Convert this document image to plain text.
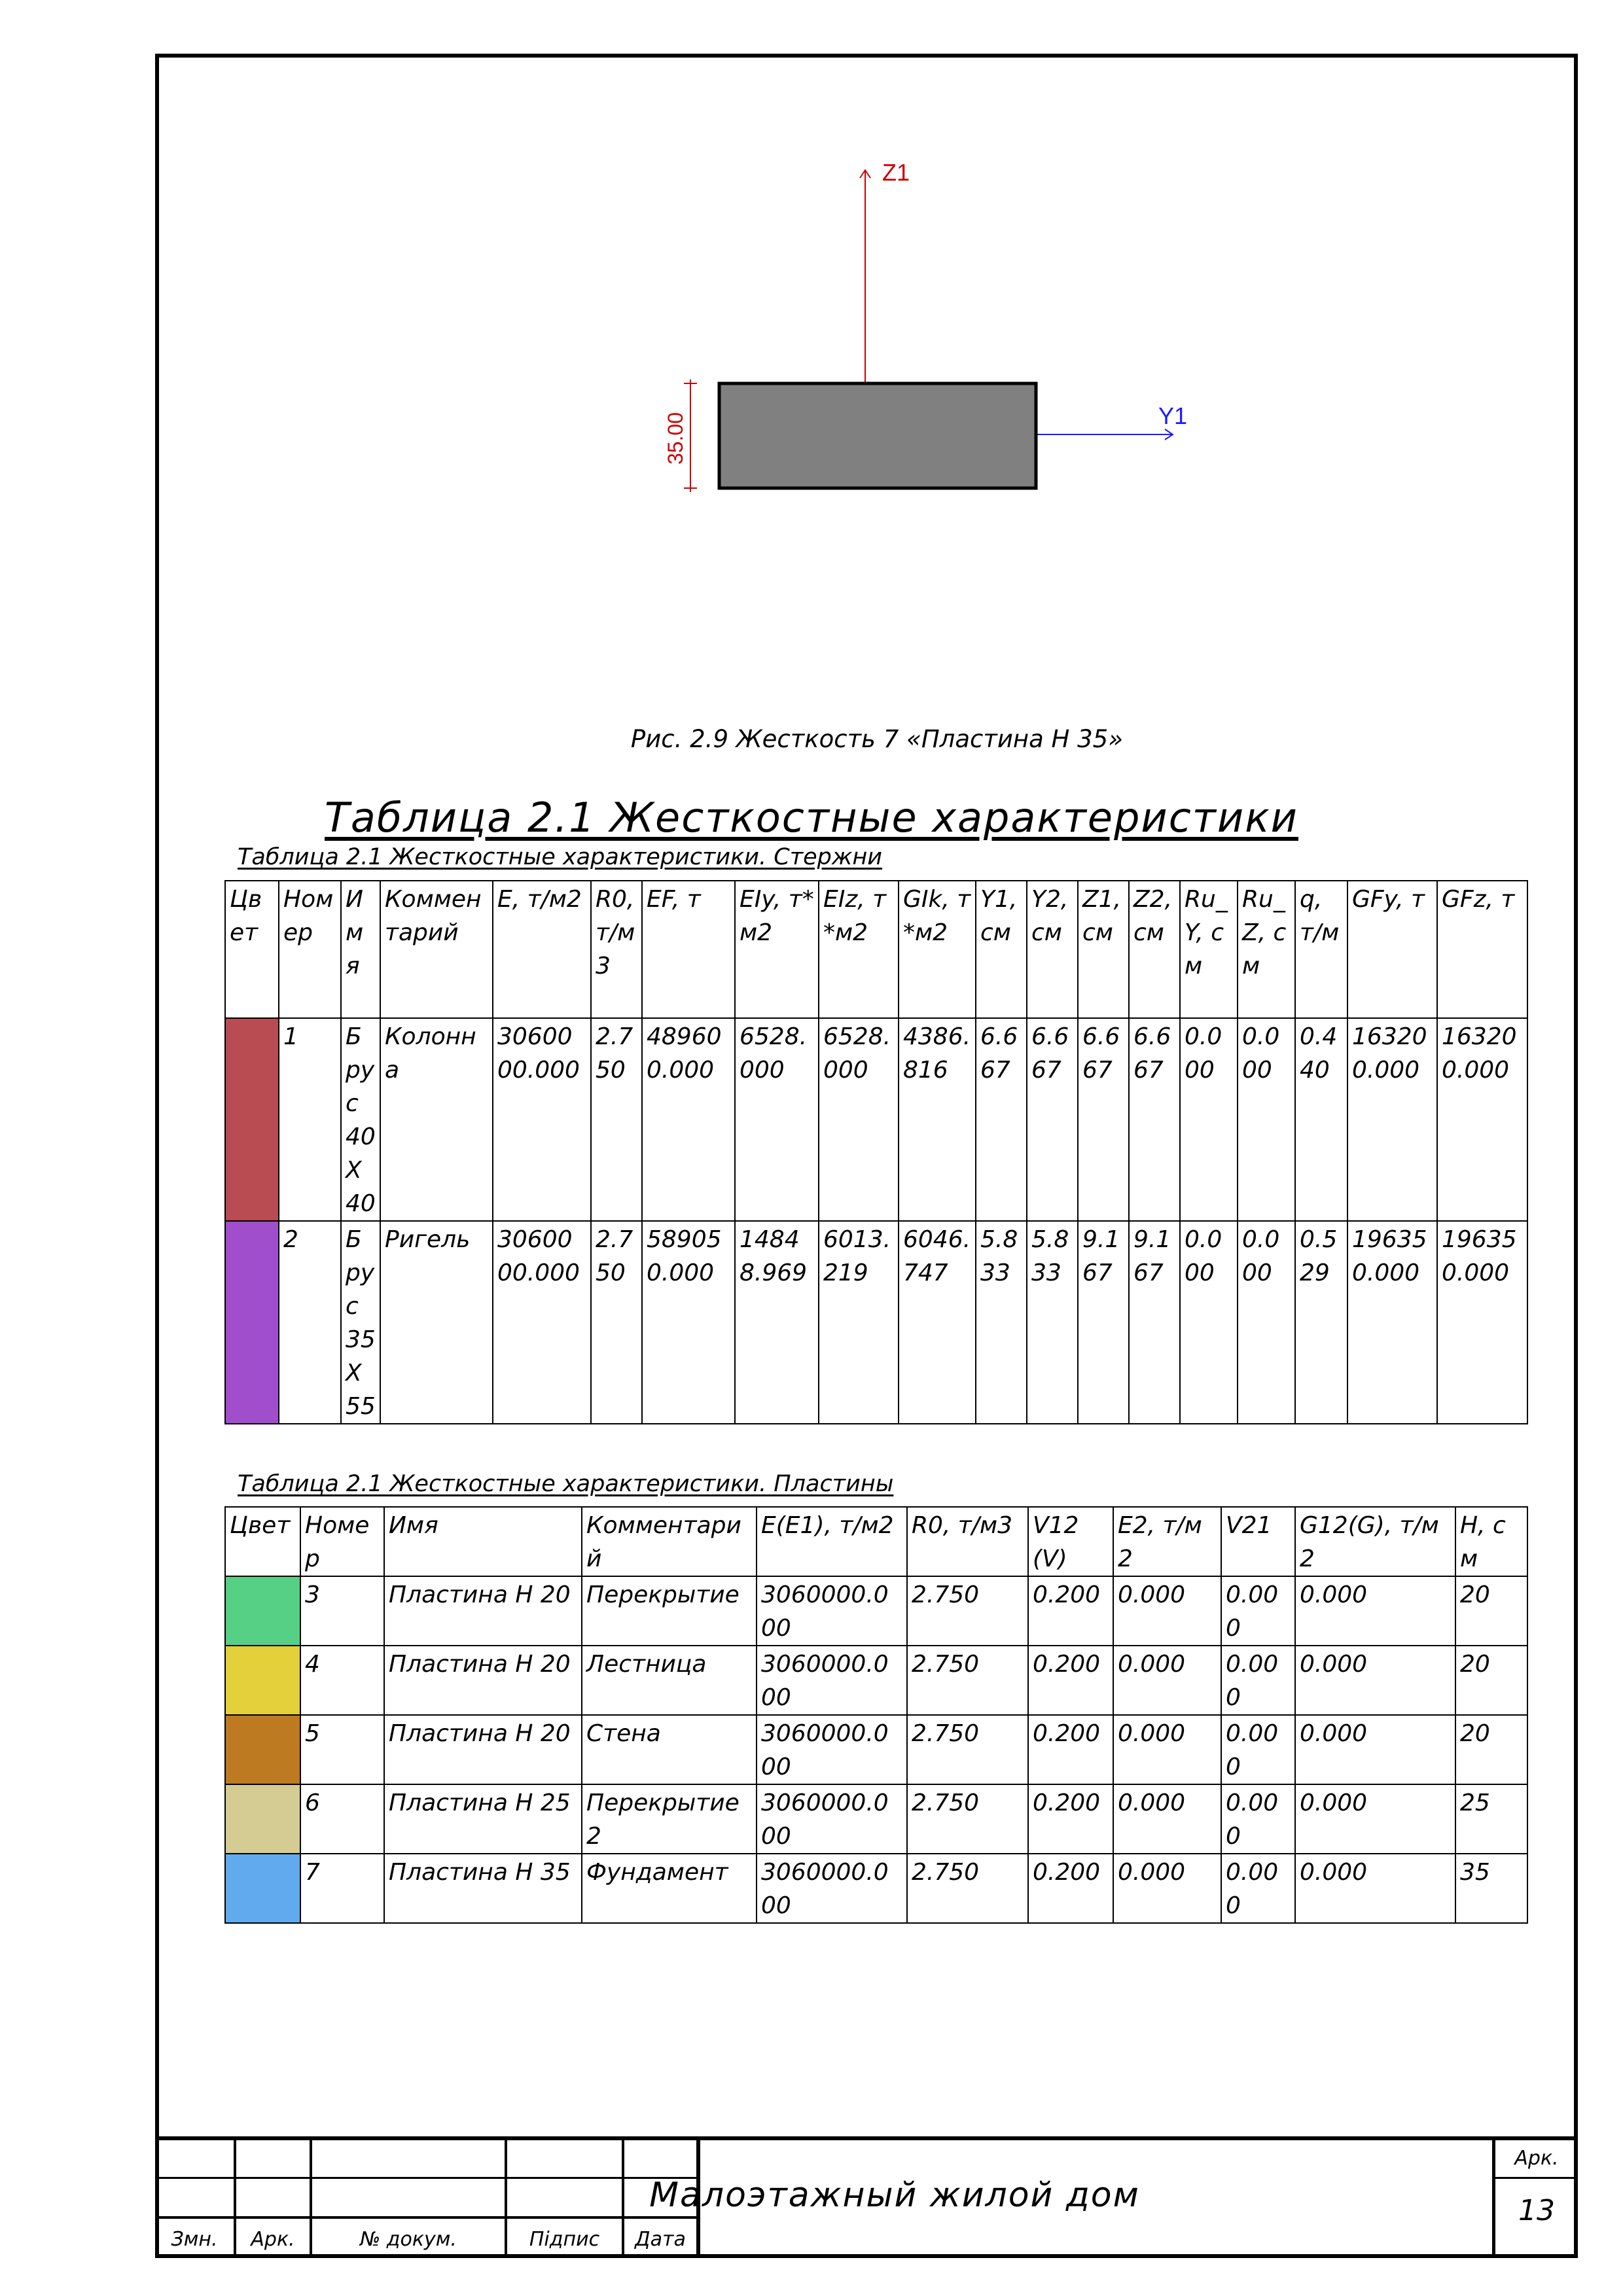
Z1
Y1
35.00
Рис. 2.9 Жесткость 7 «Пластина Н 35»
Таблица 2.1 Жесткостные характеристики
Таблица 2.1 Жесткостные характеристики. Стержни
Цвет	Номер	Имя	Комментарий	E, т/м2	R0, т/м3	EF, т	EIy, т*м2	EIz, т*м2	GIk, т*м2	Y1, см	Y2, см	Z1, см	Z2, см	Ru_Y, см	Ru_Z, см	q, т/м	GFy, т	GFz, т
	1	Брус 40X40	Колонна	3060000.000	2.750	489600.000	6528.000	6528.000	4386.816	6.667	6.667	6.667	6.667	0.000	0.000	0.440	163200.000	163200.000
	2	Брус 35X55	Ригель	3060000.000	2.750	589050.000	14848.969	6013.219	6046.747	5.833	5.833	9.167	9.167	0.000	0.000	0.529	196350.000	196350.000
Таблица 2.1 Жесткостные характеристики. Пластины
Цвет	Номер	Имя	Комментарий	E(E1), т/м2	R0, т/м3	V12(V)	E2, т/м2	V21	G12(G), т/м2	H, см
	3	Пластина Н 20	Перекрытие	3060000.000	2.750	0.200	0.000	0.000	0.000	20
	4	Пластина Н 20	Лестница	3060000.000	2.750	0.200	0.000	0.000	0.000	20
	5	Пластина Н 20	Стена	3060000.000	2.750	0.200	0.000	0.000	0.000	20
	6	Пластина Н 25	Перекрытие 2	3060000.000	2.750	0.200	0.000	0.000	0.000	25
	7	Пластина Н 35	Фундамент	3060000.000	2.750	0.200	0.000	0.000	0.000	35
Змн.	Арк.	№ докум.	Підпис	Дата
Малоэтажный жилой дом
Арк.
13
